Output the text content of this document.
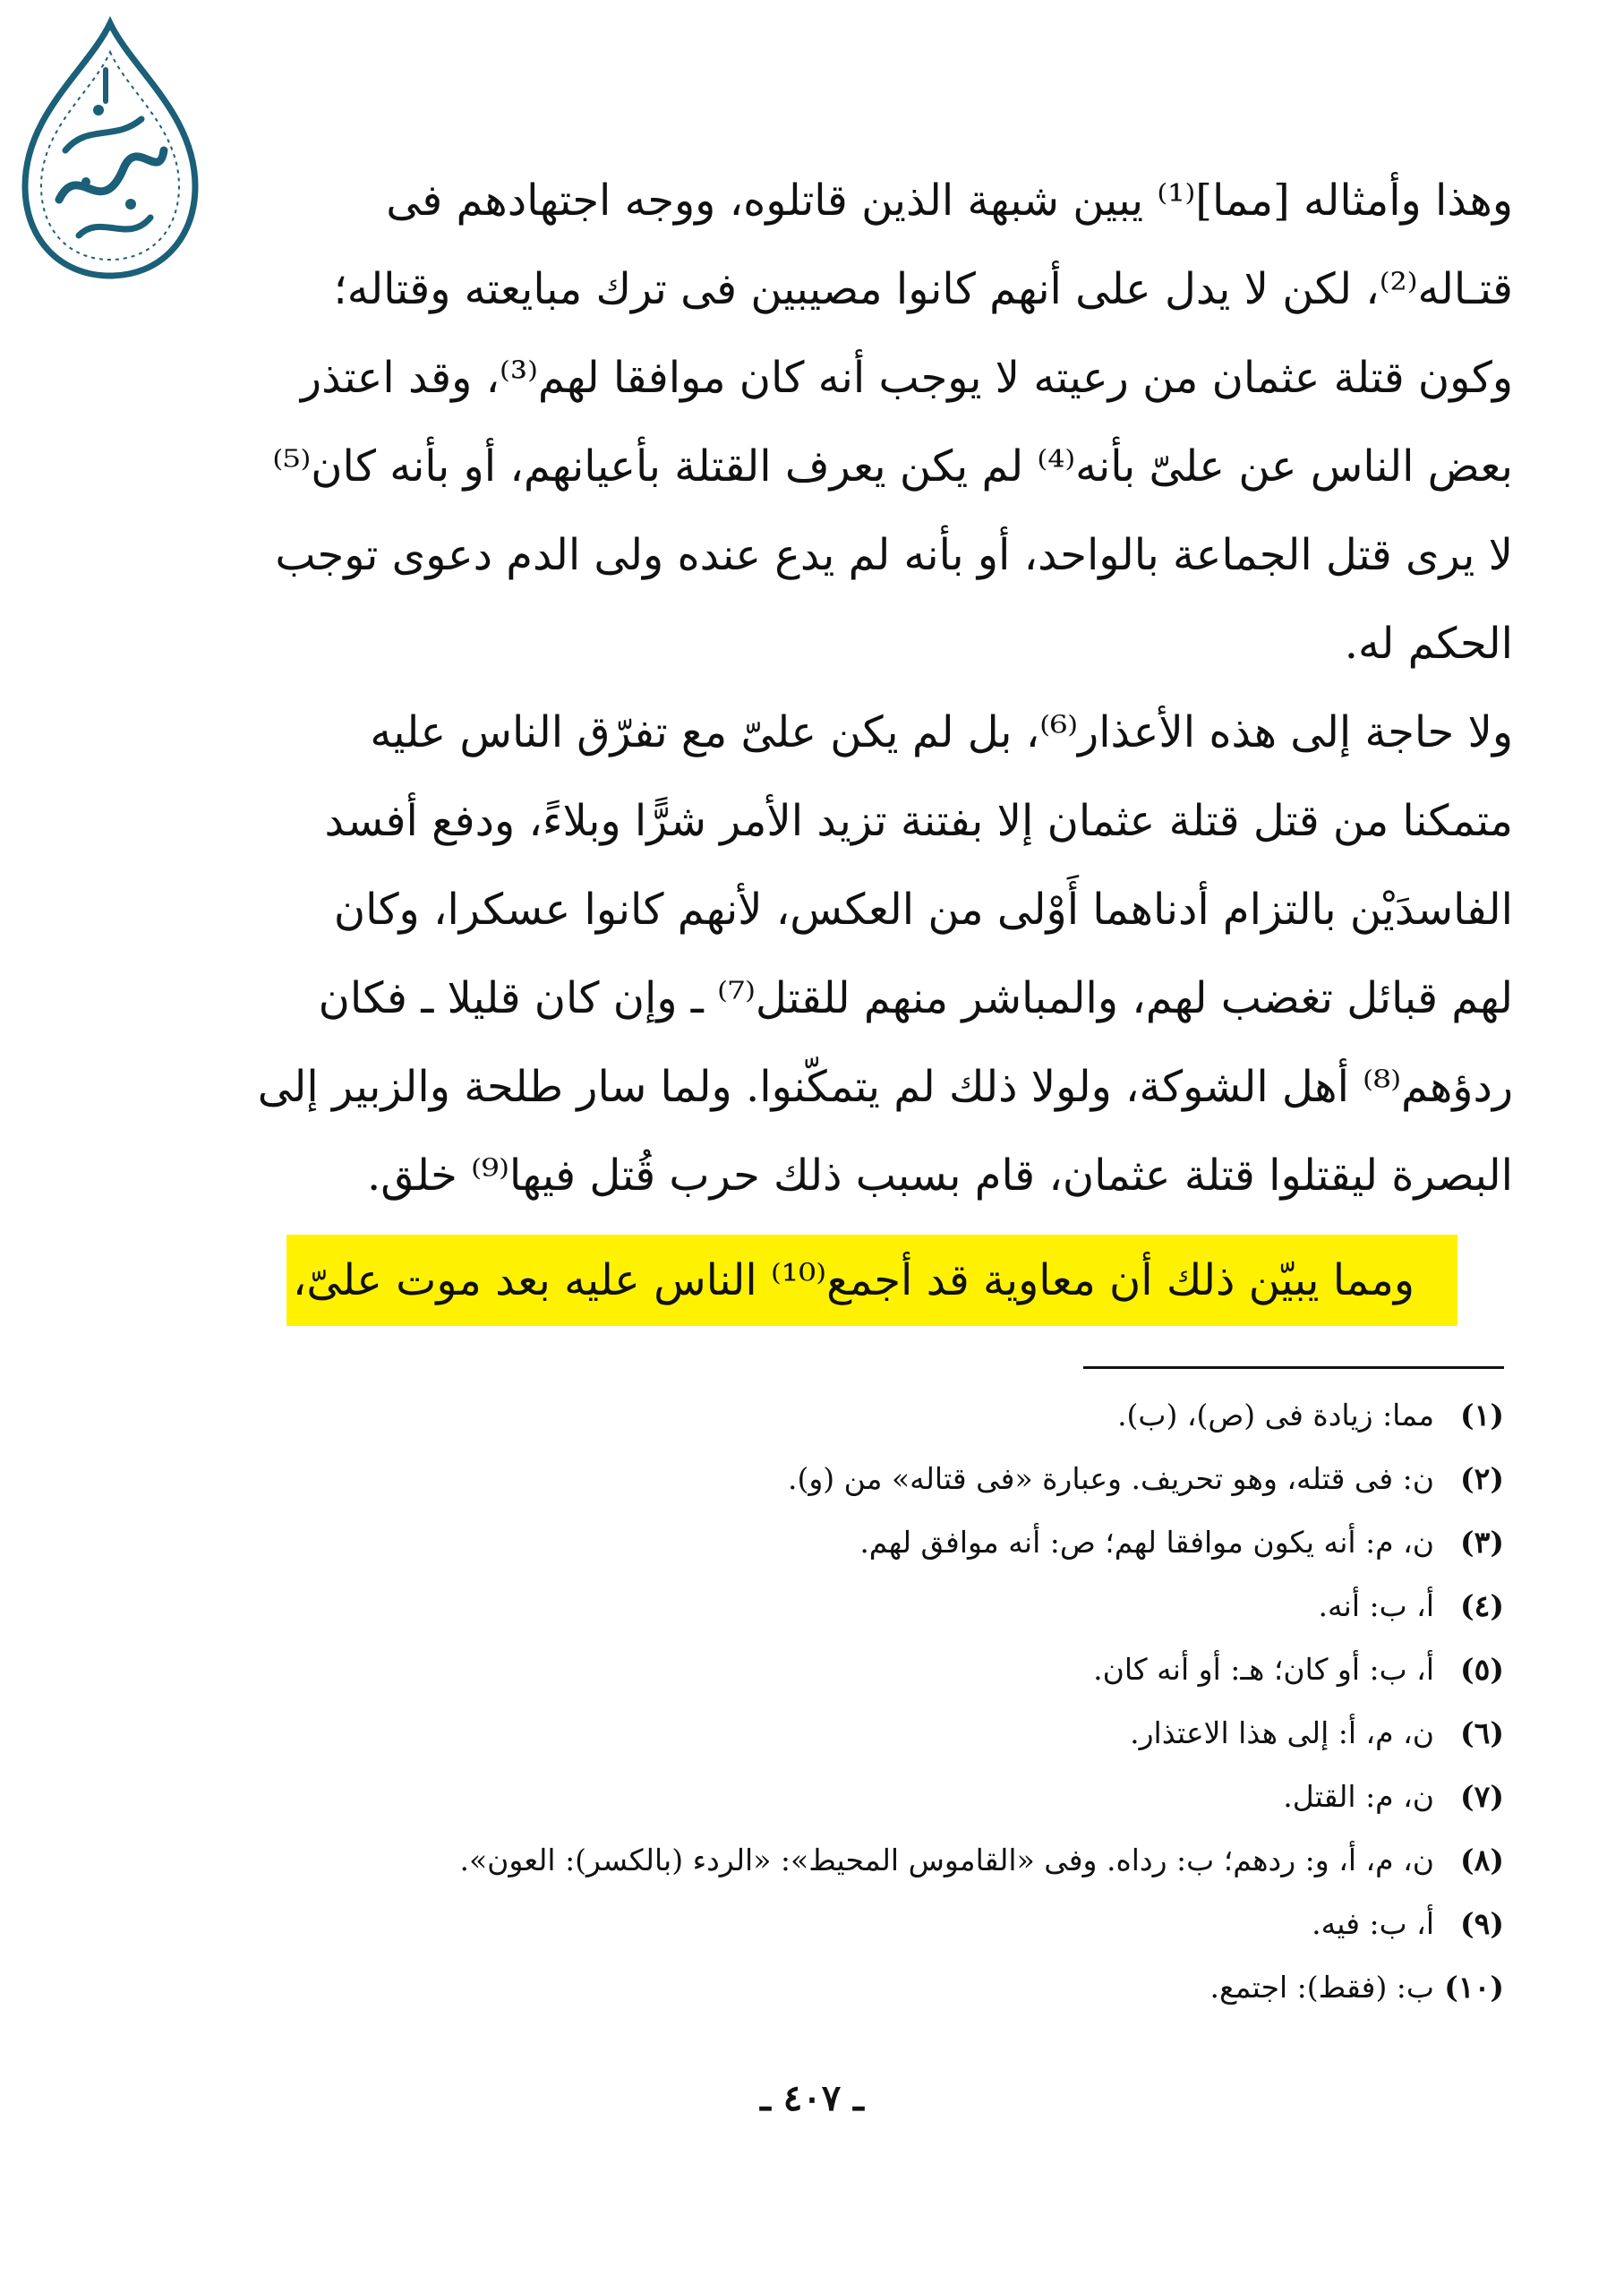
وهذا وأمثاله [مما]⁽¹⁾ يبين شبهة الذين قاتلوه، ووجه اجتهادهم فى
قتـاله⁽²⁾، لكن لا يدل على أنهم كانوا مصيبين فى ترك مبايعته وقتاله؛
وكون قتلة عثمان من رعيته لا يوجب أنه كان موافقا لهم⁽³⁾، وقد اعتذر
بعض الناس عن علىّ بأنه⁽⁴⁾ لم يكن يعرف القتلة بأعيانهم، أو بأنه كان⁽⁵⁾
لا يرى قتل الجماعة بالواحد، أو بأنه لم يدع عنده ولى الدم دعوى توجب
الحكم له.
ولا حاجة إلى هذه الأعذار⁽⁶⁾، بل لم يكن علىّ مع تفرّق الناس عليه
متمكنا من قتل قتلة عثمان إلا بفتنة تزيد الأمر شرًّا وبلاءً، ودفع أفسد
الفاسدَيْن بالتزام أدناهما أَوْلى من العكس، لأنهم كانوا عسكرا، وكان
لهم قبائل تغضب لهم، والمباشر منهم للقتل⁽⁷⁾ ـ وإن كان قليلا ـ فكان
ردؤهم⁽⁸⁾ أهل الشوكة، ولولا ذلك لم يتمكّنوا. ولما سار طلحة والزبير إلى
البصرة ليقتلوا قتلة عثمان، قام بسبب ذلك حرب قُتل فيها⁽⁹⁾ خلق.
ومما يبيّن ذلك أن معاوية قد أجمع⁽¹⁰⁾ الناس عليه بعد موت علىّ،
(١)
مما: زيادة فى (ص)، (ب).
(٢)
ن: فى قتله، وهو تحريف. وعبارة «فى قتاله» من (و).
(٣)
ن، م: أنه يكون موافقا لهم؛ ص: أنه موافق لهم.
(٤)
أ، ب: أنه.
(٥)
أ، ب: أو كان؛ هـ: أو أنه كان.
(٦)
ن، م، أ: إلى هذا الاعتذار.
(٧)
ن، م: القتل.
(٨)
ن، م، أ، و: ردهم؛ ب: رداه. وفى «القاموس المحيط»: «الردء (بالكسر): العون».
(٩)
أ، ب: فيه.
(١٠)
ب: (فقط): اجتمع.
ـ ٤٠٧ ـ
